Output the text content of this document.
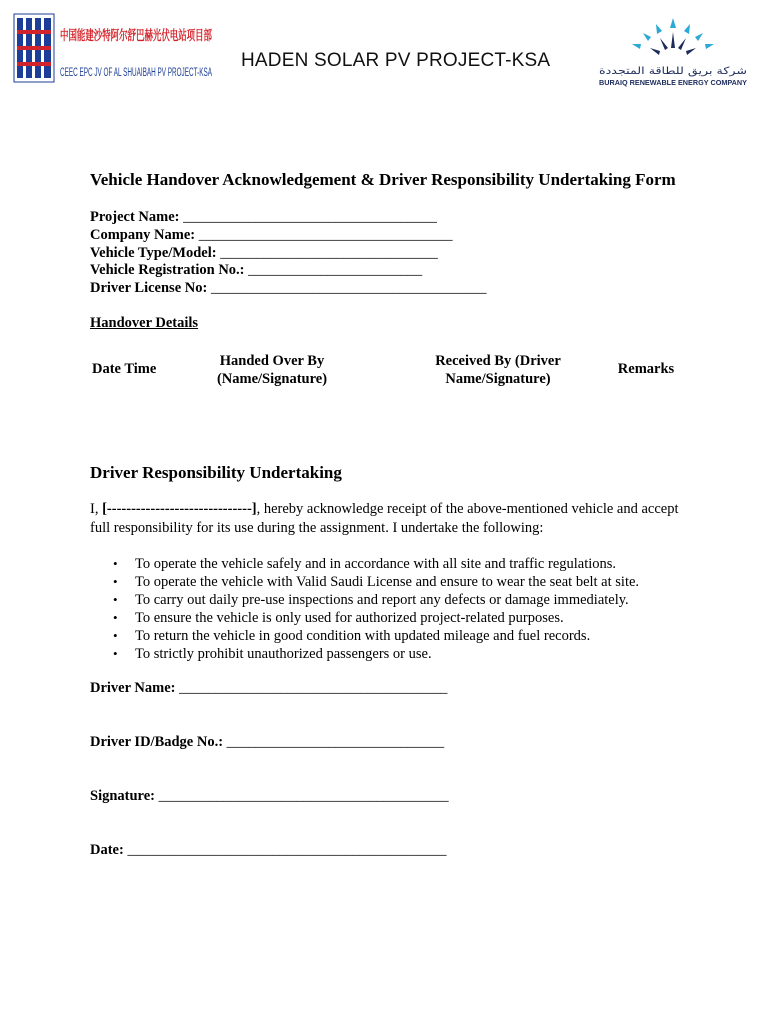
中国能建沙特阿尔舒巴赫光伏电站项目部
CEEC EPC JV OF AL SHUAIBAH PV PROJECT-KSA
HADEN SOLAR PV PROJECT-KSA
شركة بريق للطاقة المتجددة
BURAIQ RENEWABLE ENERGY COMPANY
Vehicle Handover Acknowledgement & Driver Responsibility Undertaking Form
Project Name: ___________________________________
Company Name: ___________________________________
Vehicle Type/Model: ______________________________
Vehicle Registration No.: ________________________
Driver License No: ______________________________________
Handover Details
Date Time	Handed Over By
(Name/Signature)
Received By (Driver
Name/Signature)
Remarks
Driver Responsibility Undertaking
I, [------------------------------], hereby acknowledge receipt of the above-mentioned vehicle and accept full responsibility for its use during the assignment. I undertake the following:
• To operate the vehicle safely and in accordance with all site and traffic regulations.
• To operate the vehicle with Valid Saudi License and ensure to wear the seat belt at site.
• To carry out daily pre-use inspections and report any defects or damage immediately.
• To ensure the vehicle is only used for authorized project-related purposes.
• To return the vehicle in good condition with updated mileage and fuel records.
• To strictly prohibit unauthorized passengers or use.
Driver Name: _____________________________________
Driver ID/Badge No.: ______________________________
Signature: ________________________________________
Date: ____________________________________________
